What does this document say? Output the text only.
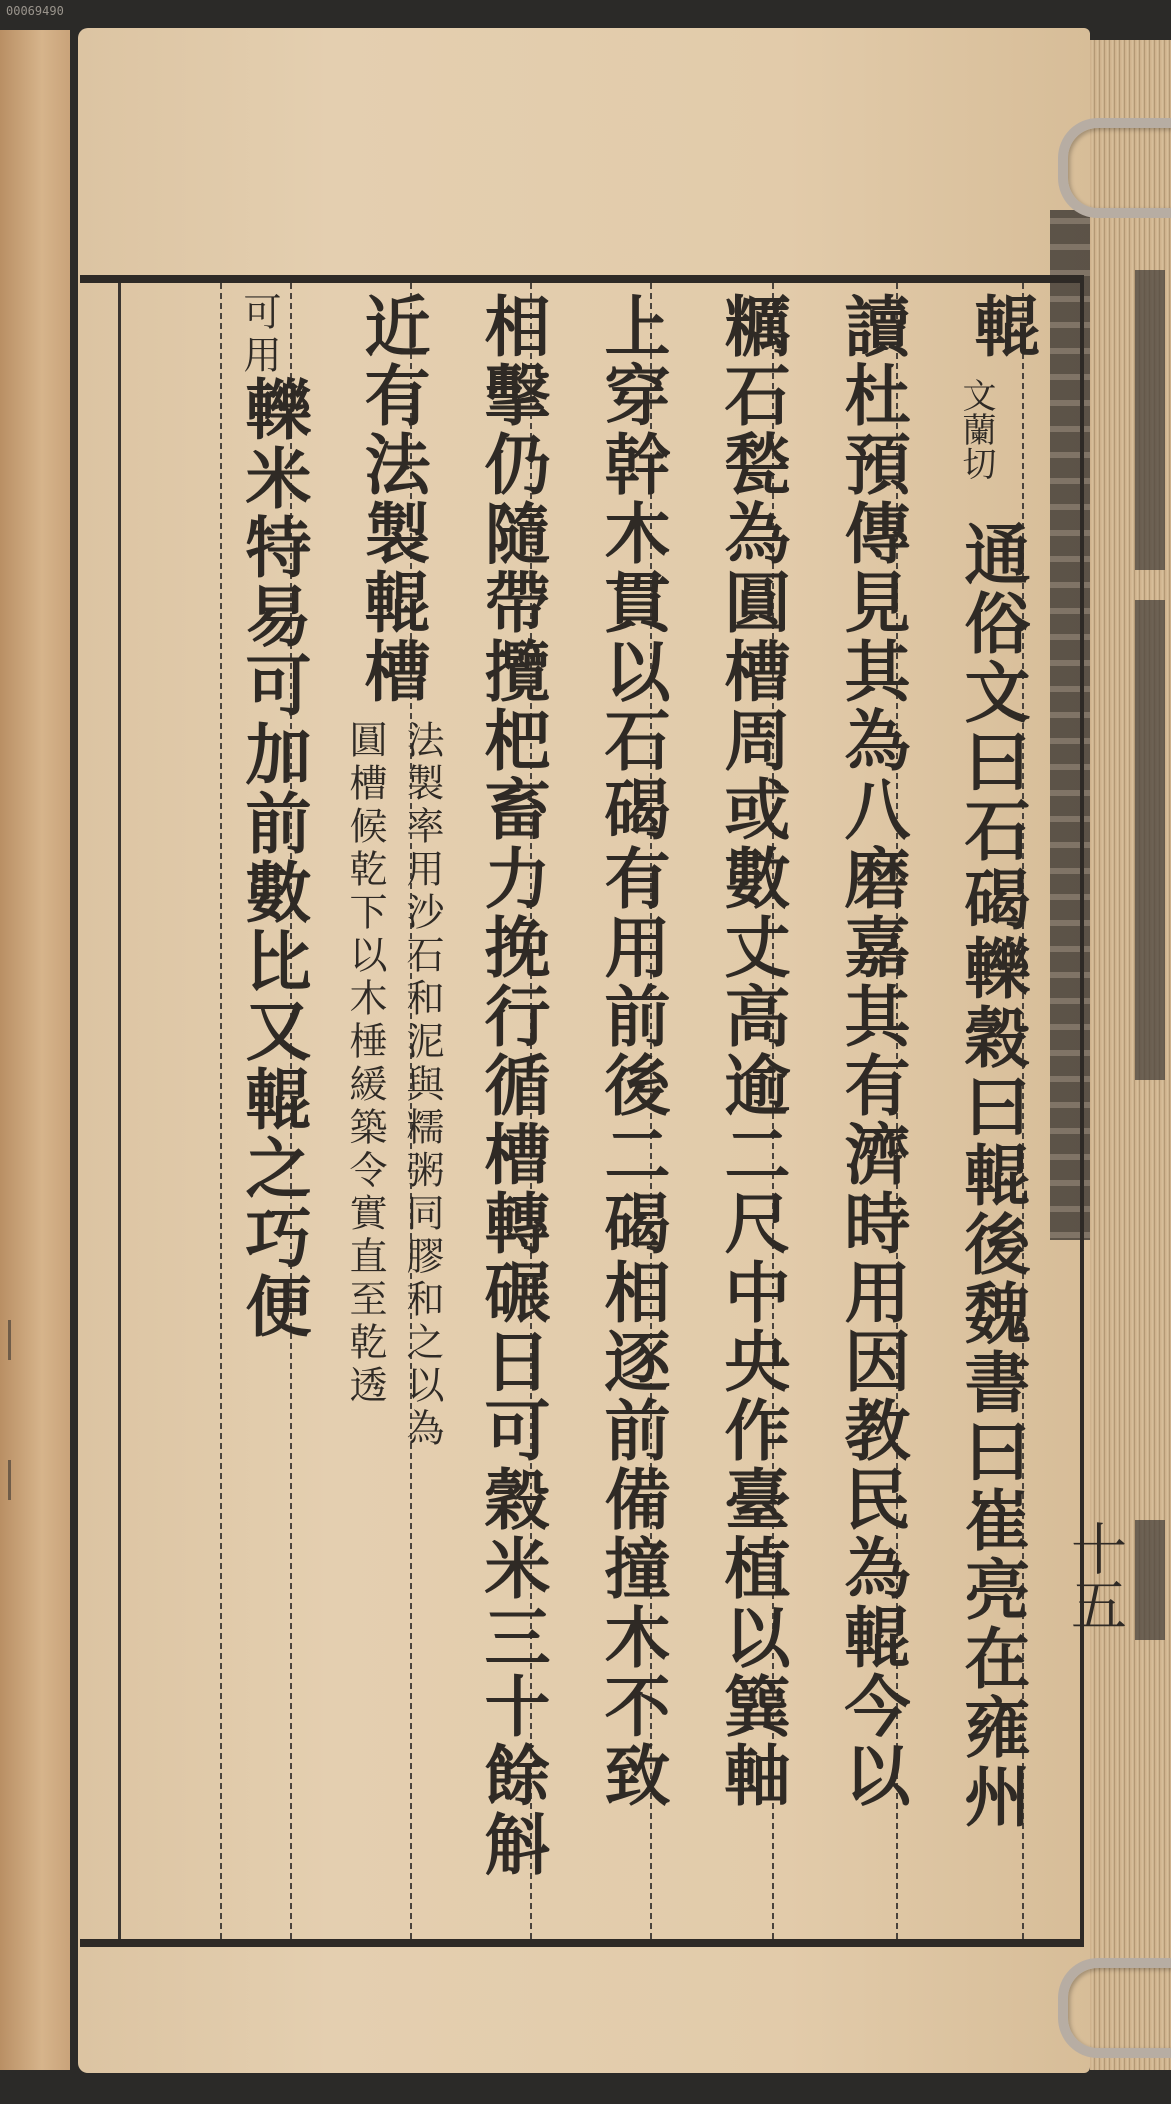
00069490
輥
文蘭切
通俗文曰石碣轢穀曰輥後魏書曰崔亮在雍州
讀杜預傳見其為八磨嘉其有濟時用因教民為輥今以
糲石甃為圓槽周或數丈高逾二尺中央作臺植以簨軸
上穿幹木貫以石碣有用前後二碣相逐前備撞木不致
相擊仍隨帶攬杷畜力挽行循槽轉碾日可穀米三十餘斛
近有法製輥槽
法製率用沙石和泥與糯粥同膠和之以為
圓槽候乾下以木棰緩築令實直至乾透
可用
轢米特易可加前數比又輥之巧便
十五
